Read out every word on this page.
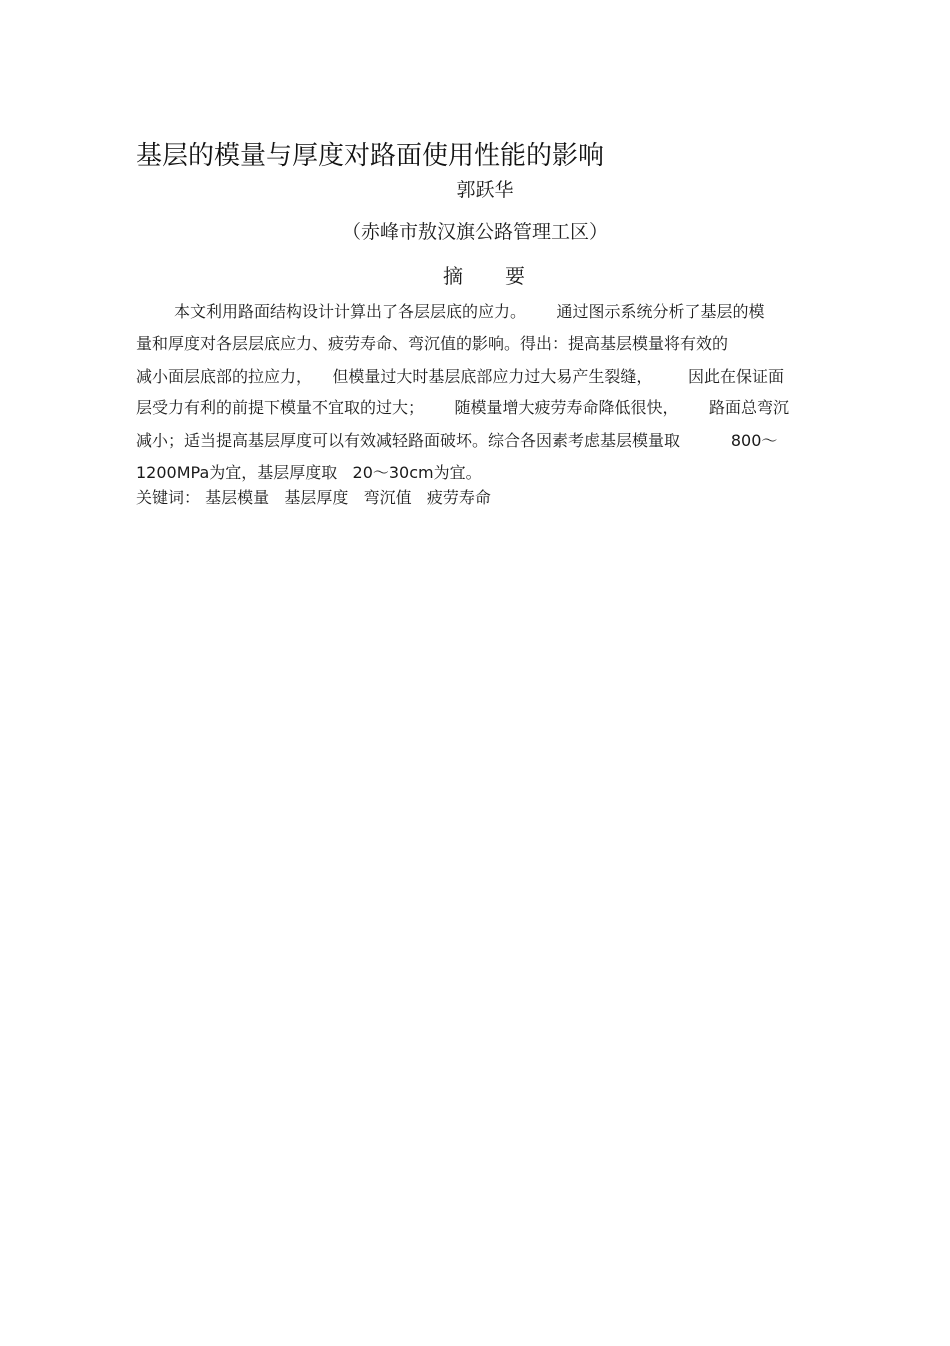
基层的模量与厚度对路面使用性能的影响
郭跃华
（赤峰市敖汉旗公路管理工区）
摘要
本文利用路面结构设计计算出了各层层底的应力。      通过图示系统分析了基层的模
量和厚度对各层层底应力、疲劳寿命、弯沉值的影响。得出：提高基层模量将有效的
减小面层底部的拉应力，    但模量过大时基层底部应力过大易产生裂缝，       因此在保证面
层受力有利的前提下模量不宜取的过大；      随模量增大疲劳寿命降低很快，      路面总弯沉
减小；适当提高基层厚度可以有效减轻路面破坏。综合各因素考虑基层模量取          800～
1200MPa为宜，基层厚度取   20～30cm为宜。
关键词： 基层模量   基层厚度   弯沉值   疲劳寿命
